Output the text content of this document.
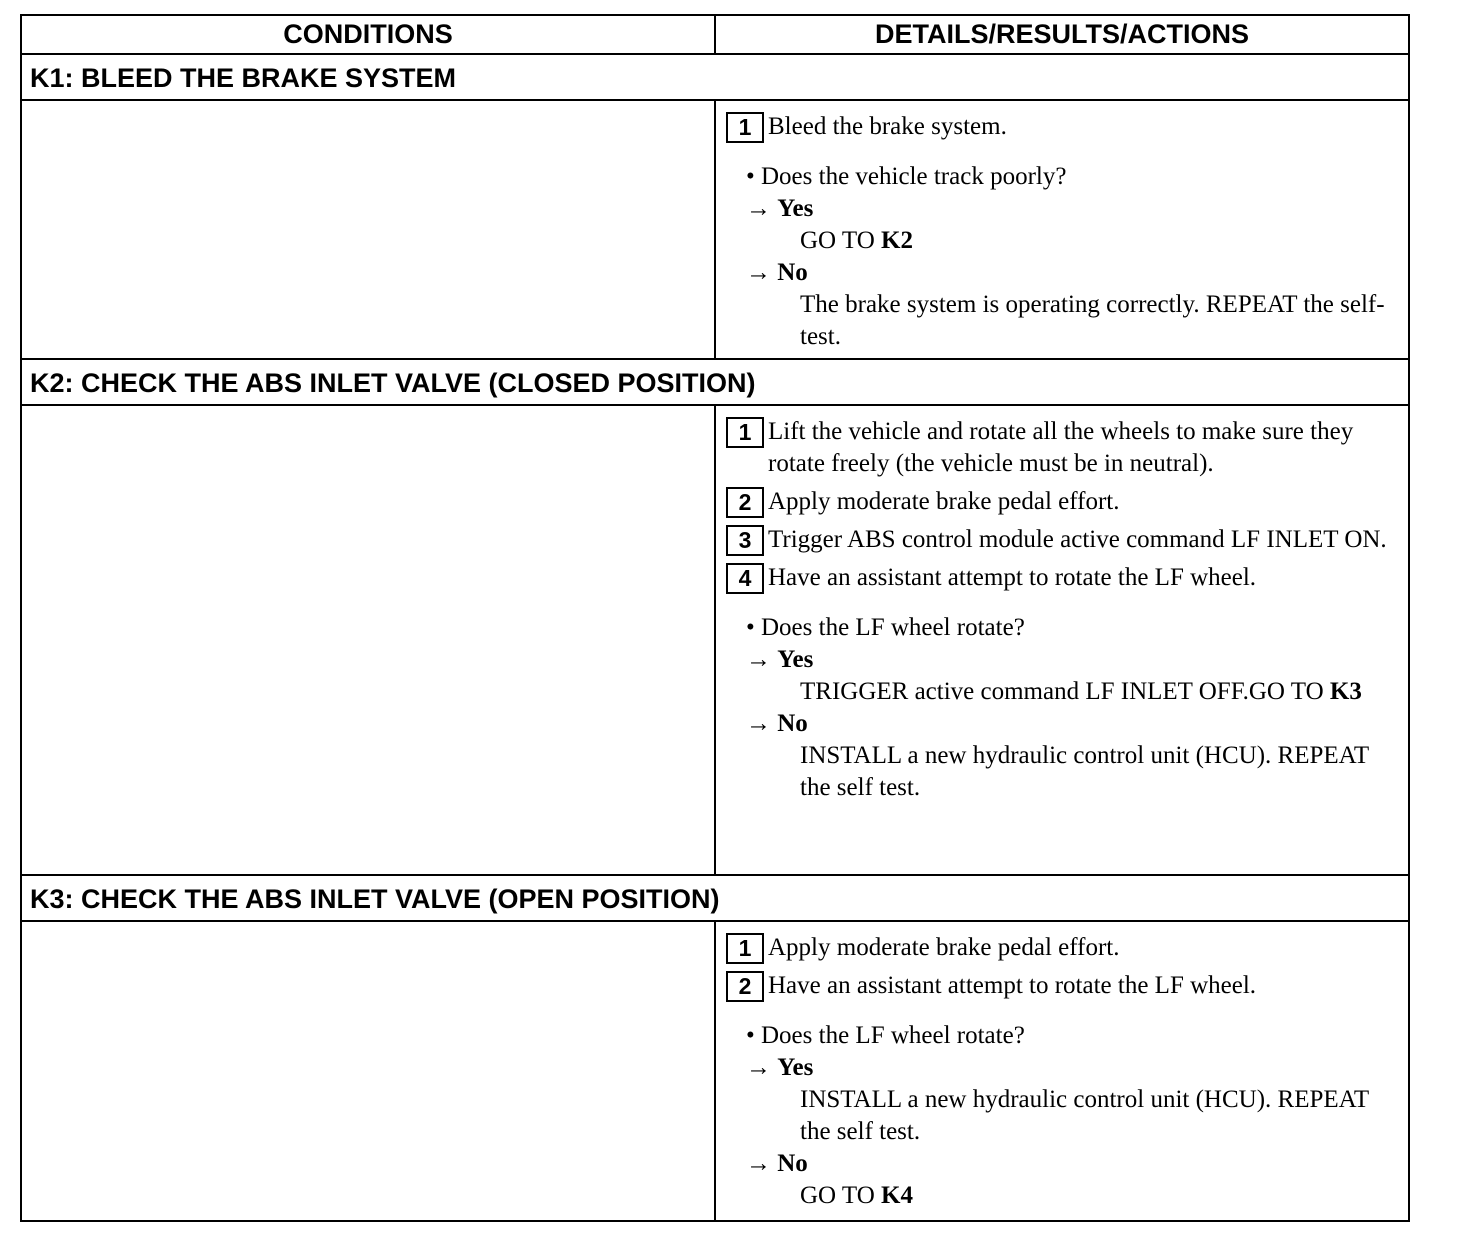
CONDITIONS	DETAILS/RESULTS/ACTIONS
K1: BLEED THE BRAKE SYSTEM
1 Bleed the brake system.
• Does the vehicle track poorly?
→ Yes
GO TO K2
→ No
The brake system is operating correctly. REPEAT the self-test.
K2: CHECK THE ABS INLET VALVE (CLOSED POSITION)
1 Lift the vehicle and rotate all the wheels to make sure they rotate freely (the vehicle must be in neutral).
2 Apply moderate brake pedal effort.
3 Trigger ABS control module active command LF INLET ON.
4 Have an assistant attempt to rotate the LF wheel.
• Does the LF wheel rotate?
→ Yes
TRIGGER active command LF INLET OFF.GO TO K3
→ No
INSTALL a new hydraulic control unit (HCU). REPEAT the self test.
K3: CHECK THE ABS INLET VALVE (OPEN POSITION)
1 Apply moderate brake pedal effort.
2 Have an assistant attempt to rotate the LF wheel.
• Does the LF wheel rotate?
→ Yes
INSTALL a new hydraulic control unit (HCU). REPEAT the self test.
→ No
GO TO K4
